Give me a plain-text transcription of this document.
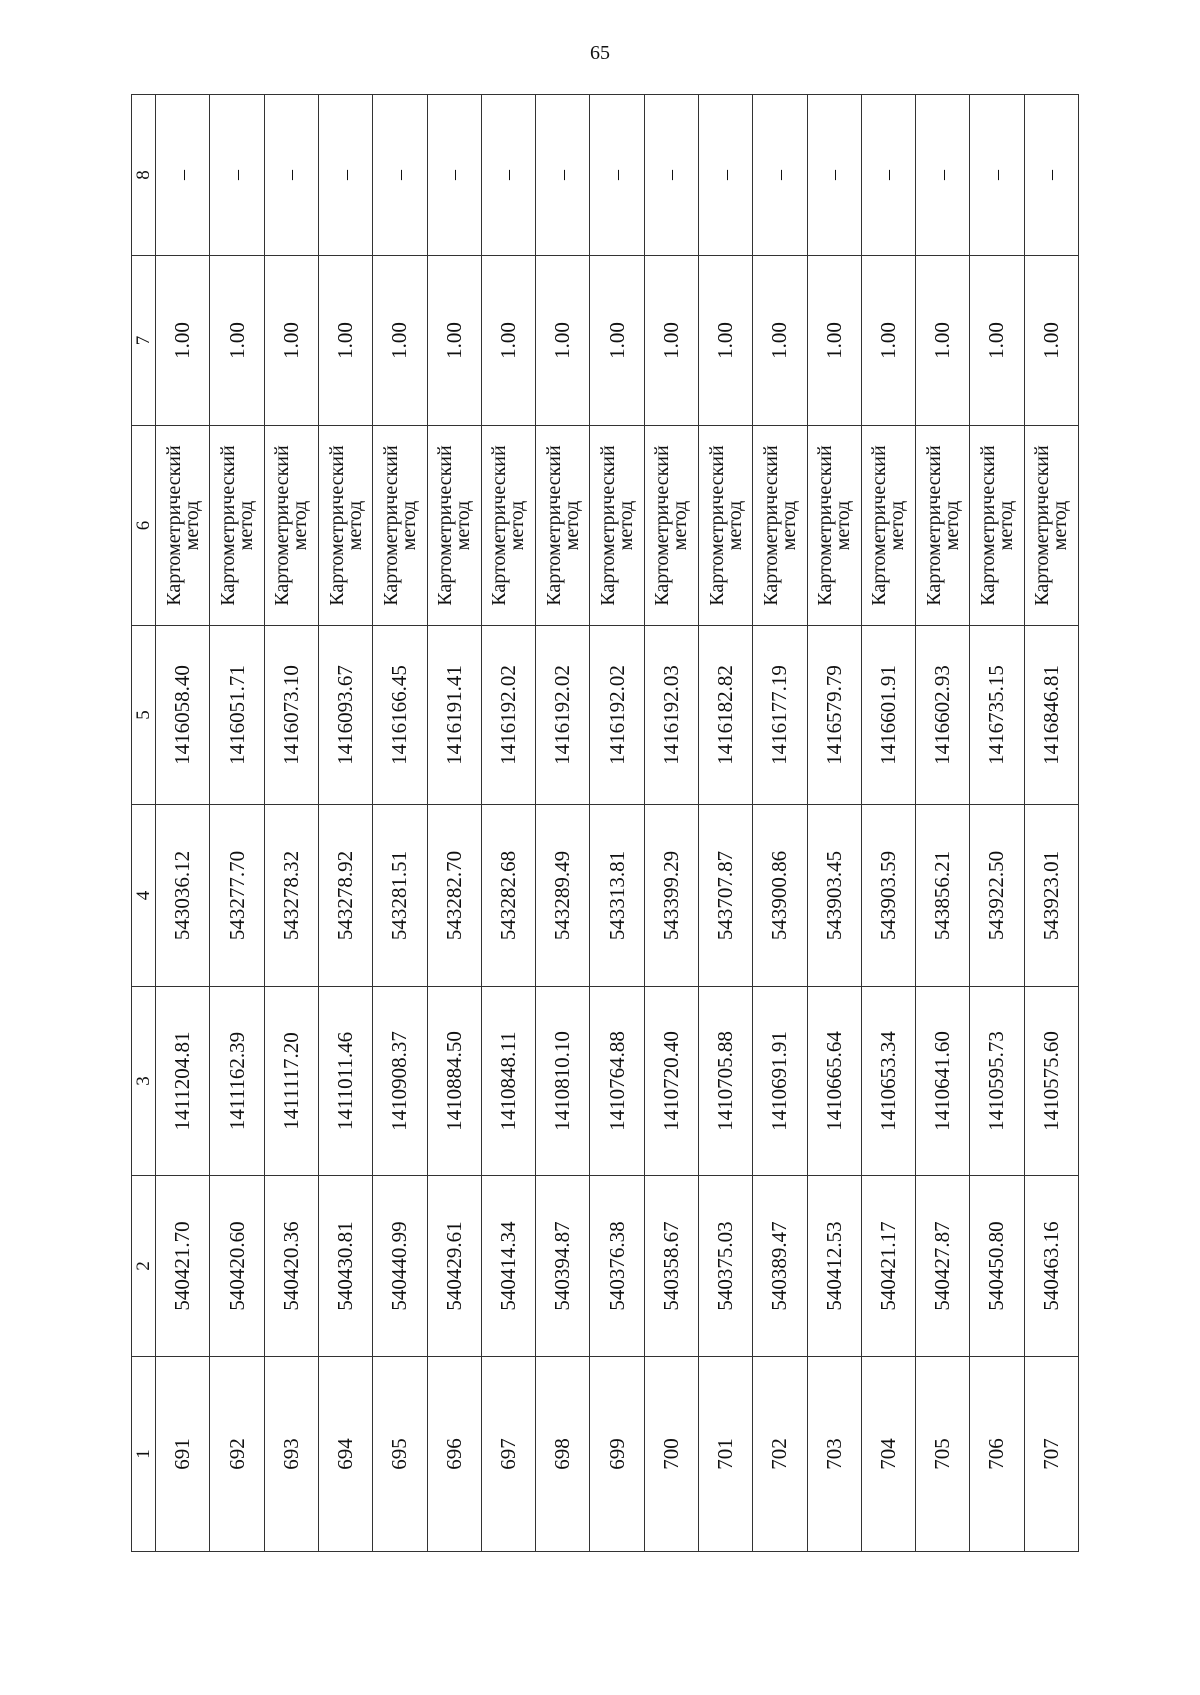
65
1	2	3	4	5	6	7	8
691	540421.70	1411204.81	543036.12	1416058.40	Картометрический метод	1.00	–
692	540420.60	1411162.39	543277.70	1416051.71	Картометрический метод	1.00	–
693	540420.36	1411117.20	543278.32	1416073.10	Картометрический метод	1.00	–
694	540430.81	1411011.46	543278.92	1416093.67	Картометрический метод	1.00	–
695	540440.99	1410908.37	543281.51	1416166.45	Картометрический метод	1.00	–
696	540429.61	1410884.50	543282.70	1416191.41	Картометрический метод	1.00	–
697	540414.34	1410848.11	543282.68	1416192.02	Картометрический метод	1.00	–
698	540394.87	1410810.10	543289.49	1416192.02	Картометрический метод	1.00	–
699	540376.38	1410764.88	543313.81	1416192.02	Картометрический метод	1.00	–
700	540358.67	1410720.40	543399.29	1416192.03	Картометрический метод	1.00	–
701	540375.03	1410705.88	543707.87	1416182.82	Картометрический метод	1.00	–
702	540389.47	1410691.91	543900.86	1416177.19	Картометрический метод	1.00	–
703	540412.53	1410665.64	543903.45	1416579.79	Картометрический метод	1.00	–
704	540421.17	1410653.34	543903.59	1416601.91	Картометрический метод	1.00	–
705	540427.87	1410641.60	543856.21	1416602.93	Картометрический метод	1.00	–
706	540450.80	1410595.73	543922.50	1416735.15	Картометрический метод	1.00	–
707	540463.16	1410575.60	543923.01	1416846.81	Картометрический метод	1.00	–
